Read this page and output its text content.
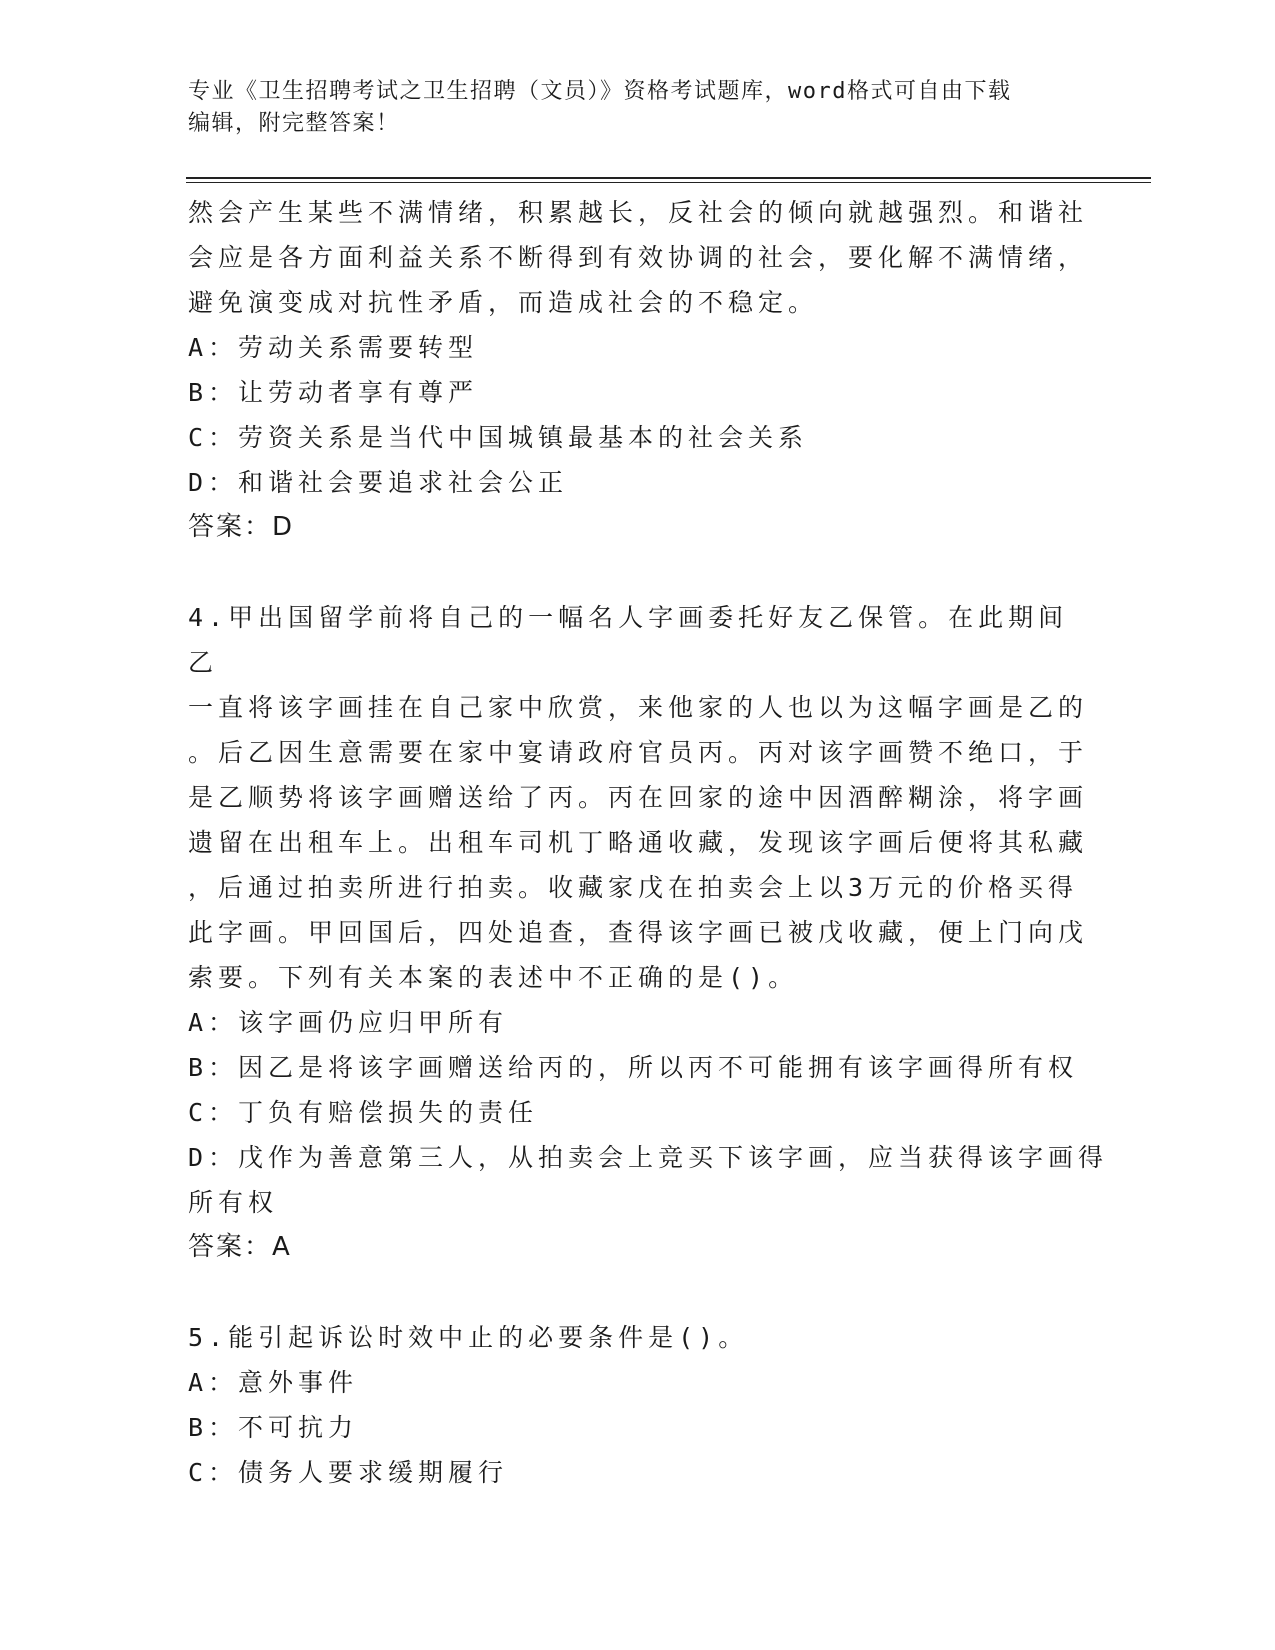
专业《卫生招聘考试之卫生招聘（文员）》资格考试题库，word格式可自由下载
编辑，附完整答案！

然会产生某些不满情绪，积累越长，反社会的倾向就越强烈。和谐社

会应是各方面利益关系不断得到有效协调的社会，要化解不满情绪，

避免演变成对抗性矛盾，而造成社会的不稳定。

A：劳动关系需要转型

B：让劳动者享有尊严

C：劳资关系是当代中国城镇最基本的社会关系

D：和谐社会要追求社会公正

答案：D

4.甲出国留学前将自己的一幅名人字画委托好友乙保管。在此期间乙

一直将该字画挂在自己家中欣赏，来他家的人也以为这幅字画是乙的

。后乙因生意需要在家中宴请政府官员丙。丙对该字画赞不绝口，于

是乙顺势将该字画赠送给了丙。丙在回家的途中因酒醉糊涂，将字画

遗留在出租车上。出租车司机丁略通收藏，发现该字画后便将其私藏

，后通过拍卖所进行拍卖。收藏家戊在拍卖会上以3万元的价格买得

此字画。甲回国后，四处追查，查得该字画已被戊收藏，便上门向戊

索要。下列有关本案的表述中不正确的是()。

A：该字画仍应归甲所有

B：因乙是将该字画赠送给丙的，所以丙不可能拥有该字画得所有权

C：丁负有赔偿损失的责任

D：戊作为善意第三人，从拍卖会上竞买下该字画，应当获得该字画得

所有权

答案：A

5.能引起诉讼时效中止的必要条件是()。

A：意外事件

B：不可抗力

C：债务人要求缓期履行
